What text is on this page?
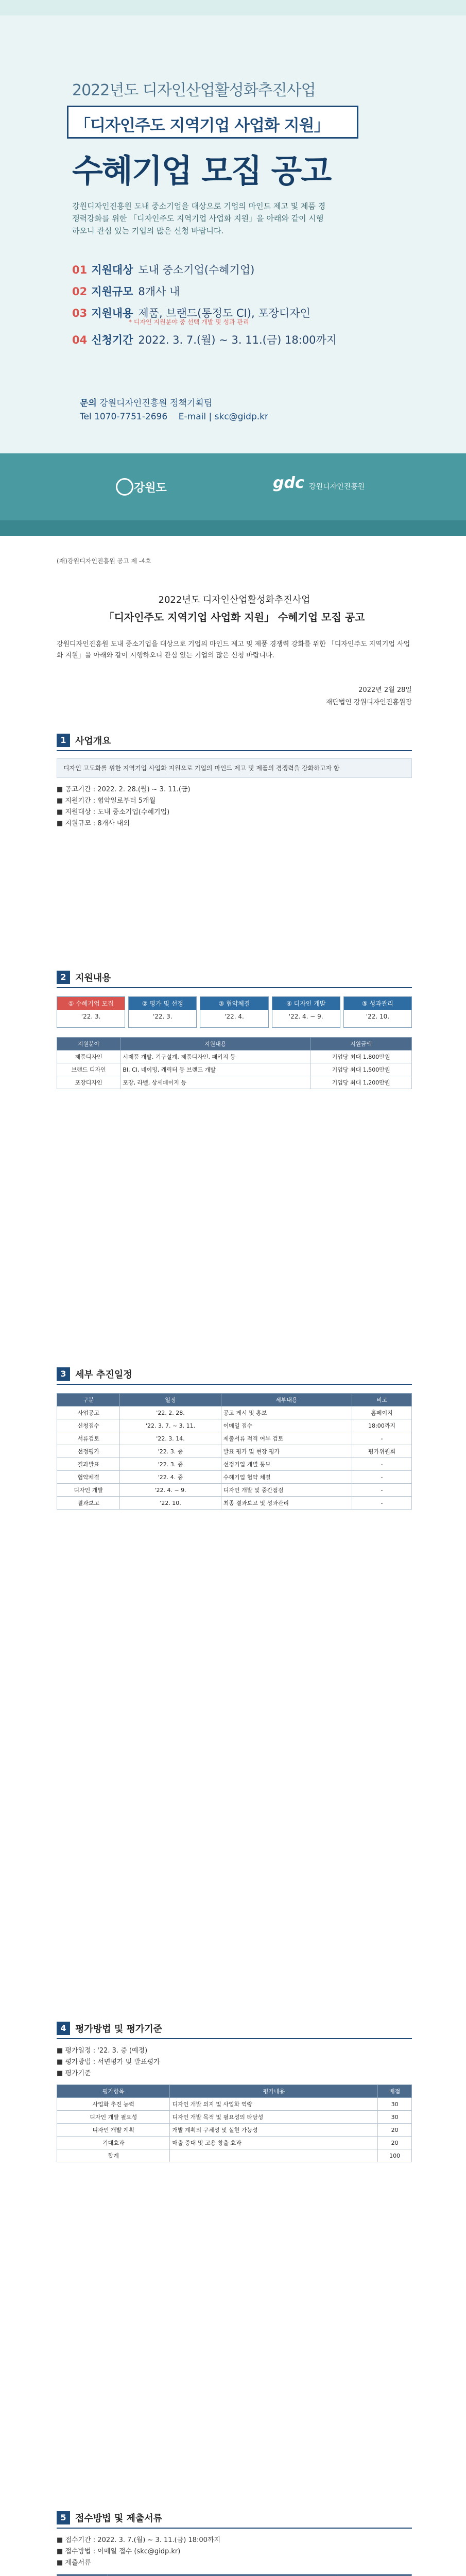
2022년도 디자인산업활성화추진사업
「디자인주도 지역기업 사업화 지원」
수혜기업 모집 공고
강원디자인진흥원 도내 중소기업을 대상으로 기업의 마인드 제고 및 제품 경쟁력강화를 위한 「디자인주도 지역기업 사업화 지원」을 아래와 같이 시행하오니 관심 있는 기업의 많은 신청 바랍니다.
01 지원대상 도내 중소기업(수혜기업)
02 지원규모 8개사 내
03 지원내용 제품, 브랜드(통정도 CI), 포장디자인
* 디자인 지원분야 중 선택 개발 및 성과 관리
04 신청기간 2022. 3. 7.(월) ~ 3. 11.(금) 18:00까지
문의 강원디자인진흥원 정책기획팀
Tel 1070-7751-2696 E-mail | skc@gidp.kr
강원도	gdc 강원디자인진흥원
(재)강원디자인진흥원 공고 제 -4호
2022년도 디자인산업활성화추진사업
「디자인주도 지역기업 사업화 지원」 수혜기업 모집 공고
강원디자인진흥원 도내 중소기업을 대상으로 기업의 마인드 제고 및 제품 경쟁력 강화를 위한 「디자인주도 지역기업 사업화 지원」을 아래와 같이 시행하오니 관심 있는 기업의 많은 신청 바랍니다.
2022년 2월 28일
재단법인 강원디자인진흥원장
1 사업개요
디자인 고도화를 위한 지역기업 사업화 지원으로 기업의 마인드 제고 및 제품의 경쟁력을 강화하고자 함
■ 공고기간 : 2022. 2. 28.(월) ~ 3. 11.(금)
■ 지원기간 : 협약일로부터 5개월
■ 지원대상 : 도내 중소기업(수혜기업)
■ 지원규모 : 8개사 내외
2 지원내용
① 수혜기업 모집
'22. 3.
② 평가 및 선정
'22. 3.
③ 협약체결
'22. 4.
④ 디자인 개발
'22. 4. ~ 9.
⑤ 성과관리
'22. 10.
지원분야	지원내용	지원금액
제품디자인	시제품 개발, 기구설계, 제품디자인, 패키지 등	기업당 최대 1,800만원
브랜드 디자인	BI, CI, 네이밍, 캐릭터 등 브랜드 개발	기업당 최대 1,500만원
포장디자인	포장, 라벨, 상세페이지 등	기업당 최대 1,200만원
3 세부 추진일정
구분	일정	세부내용	비고
사업공고	'22. 2. 28.	공고 게시 및 홍보	홈페이지
신청접수	'22. 3. 7. ~ 3. 11.	이메일 접수	18:00까지
서류검토	'22. 3. 14.	제출서류 적격 여부 검토	-
선정평가	'22. 3. 중	발표 평가 및 현장 평가	평가위원회
결과발표	'22. 3. 중	선정기업 개별 통보	-
협약체결	'22. 4. 중	수혜기업 협약 체결	-
디자인 개발	'22. 4. ~ 9.	디자인 개발 및 중간점검	-
결과보고	'22. 10.	최종 결과보고 및 성과관리	-
4 평가방법 및 평가기준
■ 평가일정 : '22. 3. 중 (예정)
■ 평가방법 : 서면평가 및 발표평가
■ 평가기준
평가항목	평가내용	배점
사업화 추진 능력	디자인 개발 의지 및 사업화 역량	30
디자인 개발 필요성	디자인 개발 목적 및 필요성의 타당성	30
디자인 개발 계획	개발 계획의 구체성 및 실현 가능성	20
기대효과	매출 증대 및 고용 창출 효과	20
합계		100
5 접수방법 및 제출서류
■ 접수기간 : 2022. 3. 7.(월) ~ 3. 11.(금) 18:00까지
■ 접수방법 : 이메일 접수 (skc@gidp.kr)
■ 제출서류
